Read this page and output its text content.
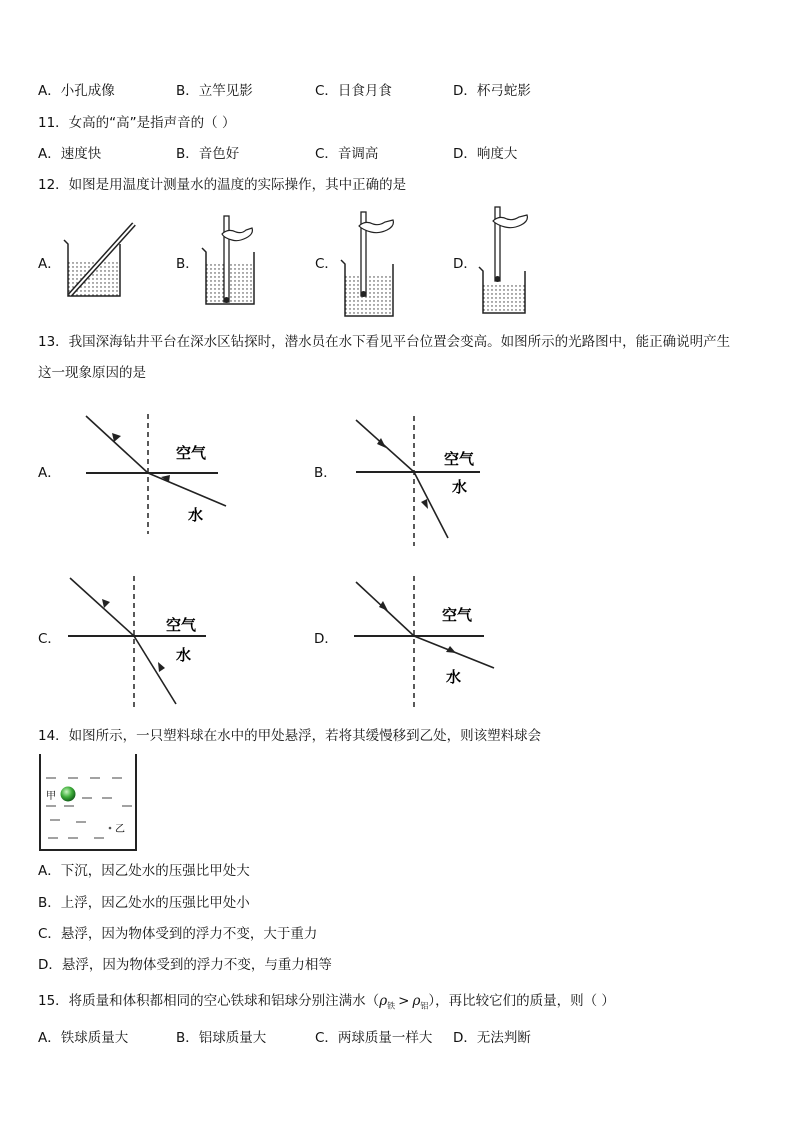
A．小孔成像	B．立竿见影	C．日食月食	D．杯弓蛇影
11．女高的“高”是指声音的（ ）
A．速度快	B．音色好	C．音调高	D．响度大
12．如图是用温度计测量水的温度的实际操作，其中正确的是
A．	B．	C．	D．
13．我国深海钻井平台在深水区钻探时，潜水员在水下看见平台位置会变高。如图所示的光路图中，能正确说明产生
这一现象原因的是
A．	B．
C．	D．
空气
水
空气
水
空气
水
空气
水
14．如图所示，一只塑料球在水中的甲处悬浮，若将其缓慢移到乙处，则该塑料球会
甲
乙
A．下沉，因乙处水的压强比甲处大
B．上浮，因乙处水的压强比甲处小
C．悬浮，因为物体受到的浮力不变，大于重力
D．悬浮，因为物体受到的浮力不变，与重力相等
15．将质量和体积都相同的空心铁球和铝球分别注满水$(\rho_铁 > \rho_铝)$，再比较它们的质量，则（ ）
A．铁球质量大	B．铝球质量大	C．两球质量一样大 D．无法判断
